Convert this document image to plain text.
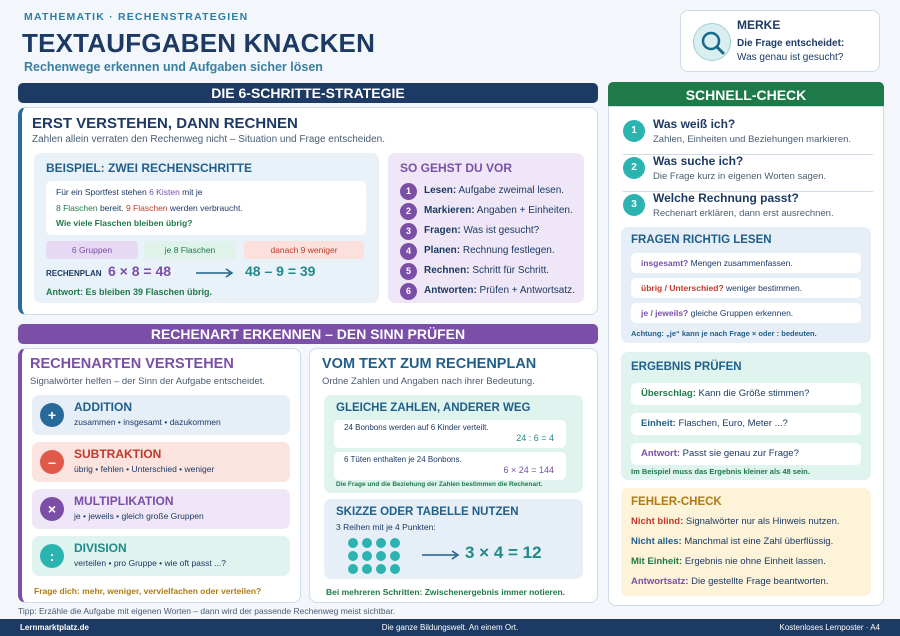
MATHEMATIK · RECHENSTRATEGIEN
TEXTAUFGABEN KNACKEN
Rechenwege erkennen und Aufgaben sicher lösen
MERKE
Die Frage entscheidet:
Was genau ist gesucht?
DIE 6-SCHRITTE-STRATEGIE
ERST VERSTEHEN, DANN RECHNEN
Zahlen allein verraten den Rechenweg nicht – Situation und Frage entscheiden.
BEISPIEL: ZWEI RECHENSCHRITTE
Für ein Sportfest stehen 6 Kisten mit je
8 Flaschen bereit. 9 Flaschen werden verbraucht.
Wie viele Flaschen bleiben übrig?
6 Gruppen	je 8 Flaschen	danach 9 weniger
RECHENPLAN 6 × 8 = 48	48 – 9 = 39
Antwort: Es bleiben 39 Flaschen übrig.
SO GEHST DU VOR
1	Lesen: Aufgabe zweimal lesen.
2	Markieren: Angaben + Einheiten.
3	Fragen: Was ist gesucht?
4	Planen: Rechnung festlegen.
5	Rechnen: Schritt für Schritt.
6	Antworten: Prüfen + Antwortsatz.
RECHENART ERKENNEN – DEN SINN PRÜFEN
RECHENARTEN VERSTEHEN
Signalwörter helfen – der Sinn der Aufgabe entscheidet.
+	ADDITION
zusammen • insgesamt • dazukommen
–	SUBTRAKTION
übrig • fehlen • Unterschied • weniger
×	MULTIPLIKATION
je • jeweils • gleich große Gruppen
:	DIVISION
verteilen • pro Gruppe • wie oft passt ...?
Frage dich: mehr, weniger, vervielfachen oder verteilen?
VOM TEXT ZUM RECHENPLAN
Ordne Zahlen und Angaben nach ihrer Bedeutung.
GLEICHE ZAHLEN, ANDERER WEG
24 Bonbons werden auf 6 Kinder verteilt.
24 : 6 = 4
6 Tüten enthalten je 24 Bonbons.
6 × 24 = 144
Die Frage und die Beziehung der Zahlen bestimmen die Rechenart.
SKIZZE ODER TABELLE NUTZEN
3 Reihen mit je 4 Punkten:
3 × 4 = 12
Bei mehreren Schritten: Zwischenergebnis immer notieren.
Tipp: Erzähle die Aufgabe mit eigenen Worten – dann wird der passende Rechenweg meist sichtbar.
SCHNELL-CHECK
1	Was weiß ich?
Zahlen, Einheiten und Beziehungen markieren.
2	Was suche ich?
Die Frage kurz in eigenen Worten sagen.
3	Welche Rechnung passt?
Rechenart erklären, dann erst ausrechnen.
FRAGEN RICHTIG LESEN
insgesamt? Mengen zusammenfassen.
übrig / Unterschied? weniger bestimmen.
je / jeweils? gleiche Gruppen erkennen.
Achtung: „je“ kann je nach Frage × oder : bedeuten.
ERGEBNIS PRÜFEN
Überschlag: Kann die Größe stimmen?
Einheit: Flaschen, Euro, Meter ...?
Antwort: Passt sie genau zur Frage?
Im Beispiel muss das Ergebnis kleiner als 48 sein.
FEHLER-CHECK
Nicht blind: Signalwörter nur als Hinweis nutzen.
Nicht alles: Manchmal ist eine Zahl überflüssig.
Mit Einheit: Ergebnis nie ohne Einheit lassen.
Antwortsatz: Die gestellte Frage beantworten.
Lernmarktplatz.de	Die ganze Bildungswelt. An einem Ort.	Kostenloses Lernposter · A4
